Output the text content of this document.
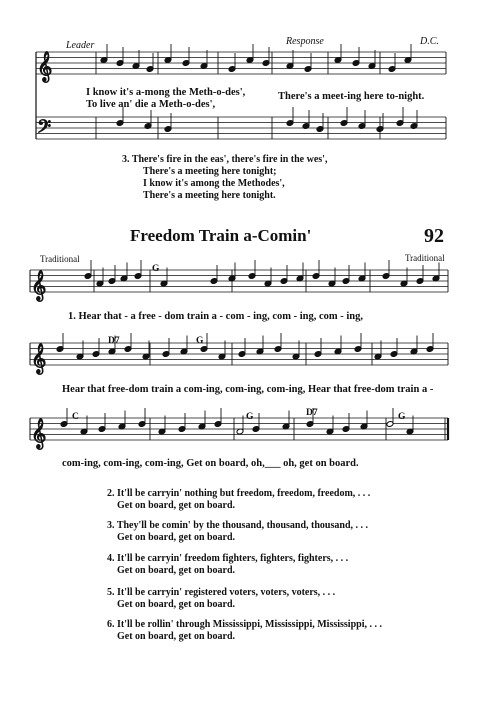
𝄞
𝄢
𝄞
𝄞
𝄞
Leader	Response	D.C.
I know it's a-mong the Meth-o-des',
To live an' die a Meth-o-des',
There's a meet-ing here to-night.
3. There's fire in the eas', there's fire in the wes',
There's a meeting here tonight;
I know it's among the Methodes',
There's a meeting here tonight.
Freedom Train a-Comin'	92
Traditional	Traditional
G
1. Hear that - a free - dom train a - com - ing, com - ing, com - ing,
D7	G
Hear that free-dom train a com-ing, com-ing, com-ing, Hear that free-dom train a -
C	G	D7	G
com-ing, com-ing, com-ing, Get on board, oh,___ oh, get on board.
2. It'll be carryin' nothing but freedom, freedom, freedom, . . .
Get on board, get on board.
3. They'll be comin' by the thousand, thousand, thousand, . . .
Get on board, get on board.
4. It'll be carryin' freedom fighters, fighters, fighters, . . .
Get on board, get on board.
5. It'll be carryin' registered voters, voters, voters, . . .
Get on board, get on board.
6. It'll be rollin' through Mississippi, Mississippi, Mississippi, . . .
Get on board, get on board.
